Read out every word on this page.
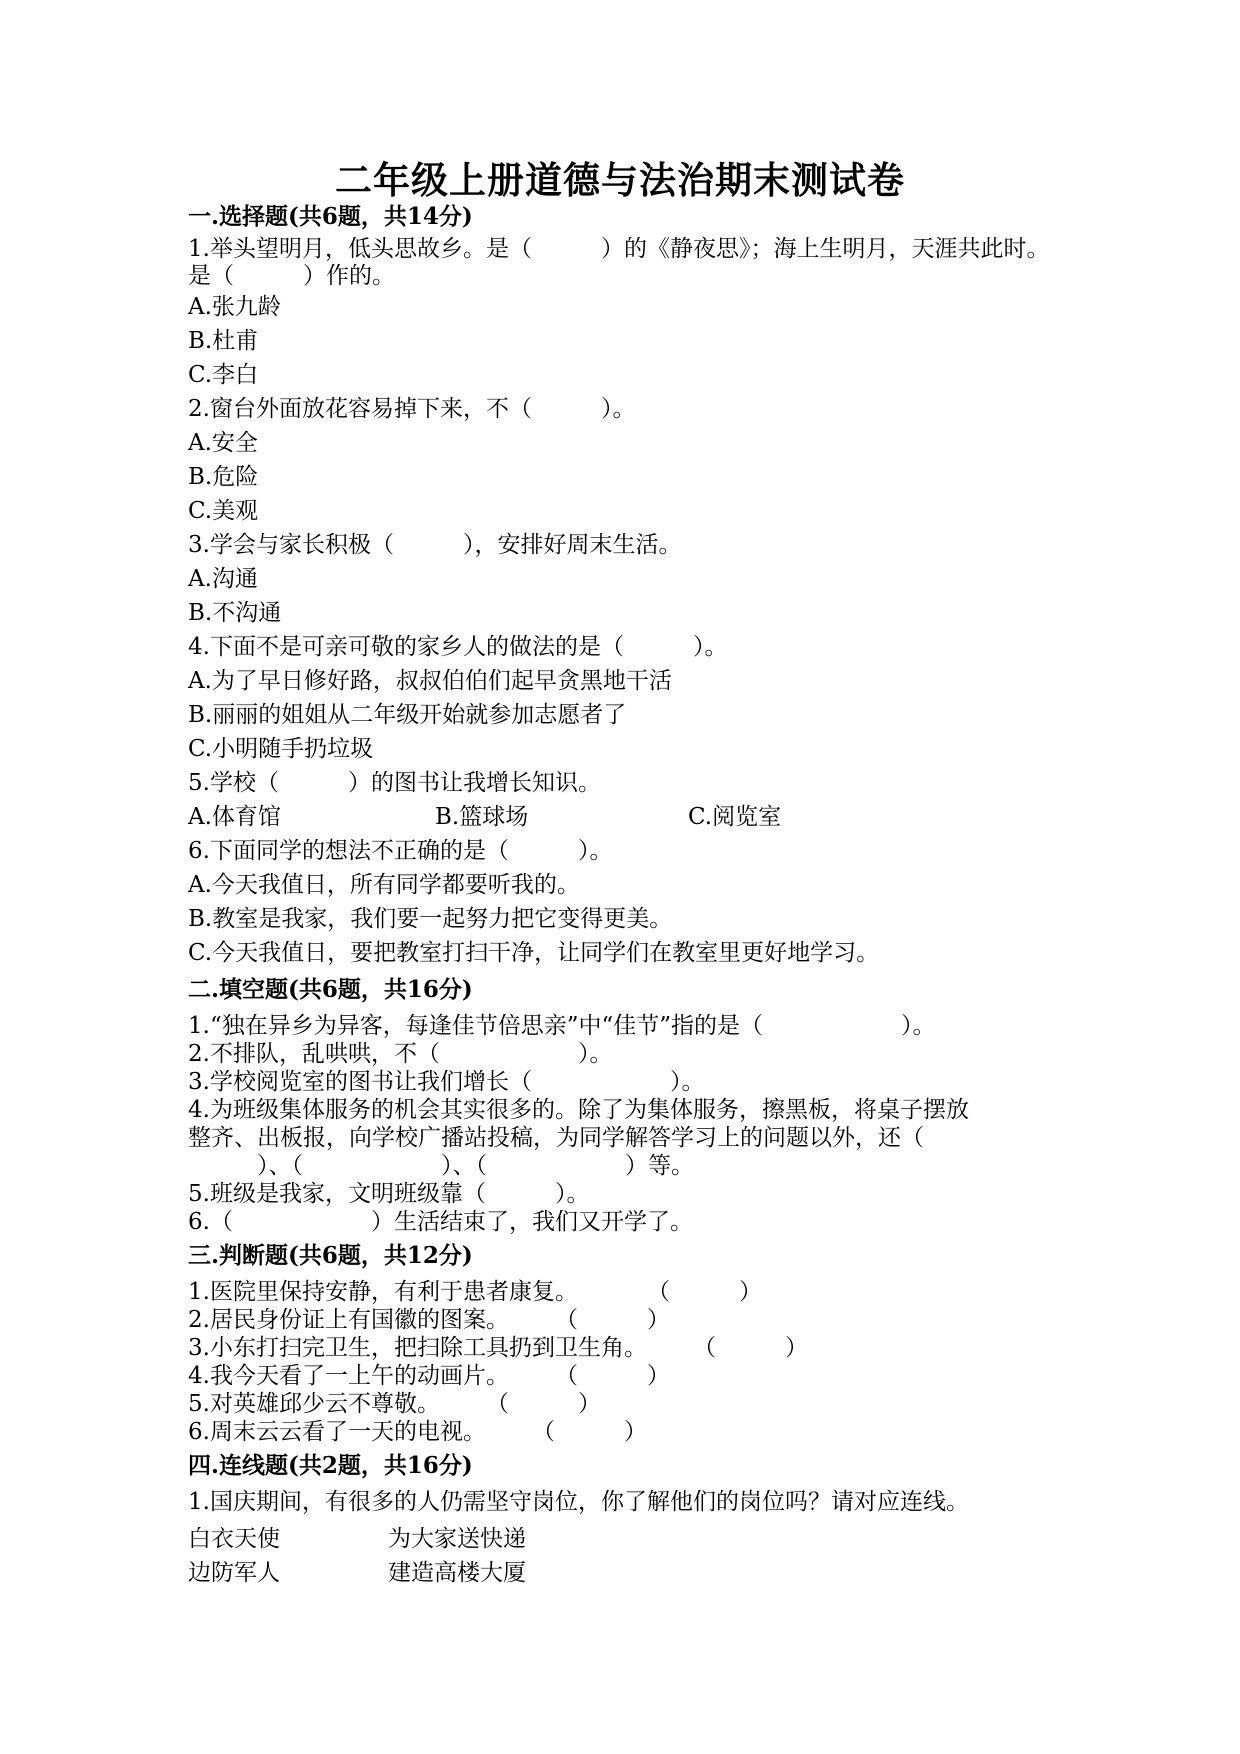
二年级上册道德与法治期末测试卷

一.选择题(共6题，共14分)

1.举头望明月，低头思故乡。是（　　　）的《静夜思》；海上生明月，天涯共此时。是（　　　）作的。

A.张九龄

B.杜甫

C.李白

2.窗台外面放花容易掉下来，不（　　　）。

A.安全

B.危险

C.美观

3.学会与家长积极（　　　），安排好周末生活。

A.沟通

B.不沟通

4.下面不是可亲可敬的家乡人的做法的是（　　　）。

A.为了早日修好路，叔叔伯伯们起早贪黑地干活

B.丽丽的姐姐从二年级开始就参加志愿者了

C.小明随手扔垃圾

5.学校（　　　）的图书让我增长知识。

A.体育馆	B.篮球场	C.阅览室

6.下面同学的想法不正确的是（　　　）。

A.今天我值日，所有同学都要听我的。

B.教室是我家，我们要一起努力把它变得更美。

C.今天我值日，要把教室打扫干净，让同学们在教室里更好地学习。

二.填空题(共6题，共16分)

1.“独在异乡为异客，每逢佳节倍思亲”中“佳节”指的是（　　　　　　）。

2.不排队，乱哄哄，不（　　　　　　）。

3.学校阅览室的图书让我们增长（　　　　　　）。

4.为班级集体服务的机会其实很多的。除了为集体服务，擦黑板，将桌子摆放

整齐、出板报，向学校广播站投稿，为同学解答学习上的问题以外，还（

　　　）、（　　　　　　）、（　　　　　　）等。

5.班级是我家，文明班级靠（　　　）。

6.（　　　　　　）生活结束了，我们又开学了。

三.判断题(共6题，共12分)

1.医院里保持安静，有利于患者康复。　　　　（　　　）

2.居民身份证上有国徽的图案。　　　（　　　）

3.小东打扫完卫生，把扫除工具扔到卫生角。　　　（　　　）

4.我今天看了一上午的动画片。　　　（　　　）

5.对英雄邱少云不尊敬。　　　（　　　）

6.周末云云看了一天的电视。　　　（　　　）

四.连线题(共2题，共16分)

1.国庆期间，有很多的人仍需坚守岗位，你了解他们的岗位吗？请对应连线。

白衣天使	为大家送快递
边防军人	建造高楼大厦
